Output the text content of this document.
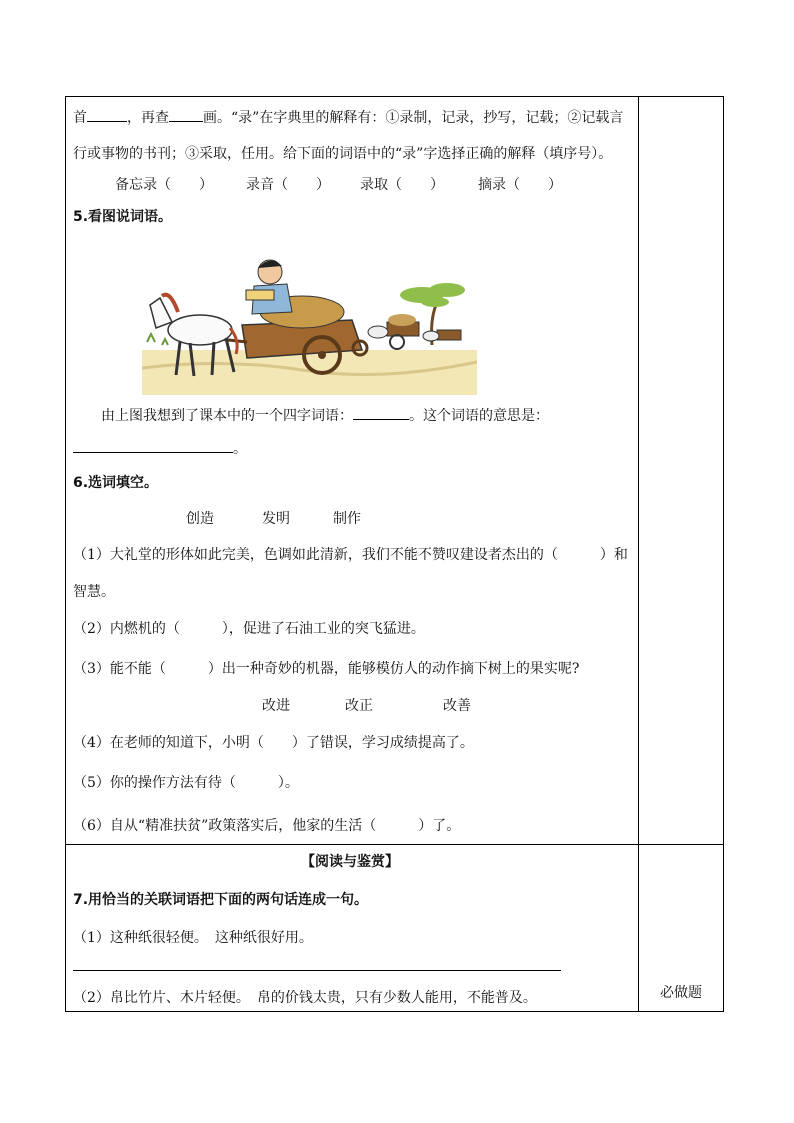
首	，再查 画。“录”在字典里的解释有：①录制，记录，抄写，记载；②记载言
行或事物的书刊；③采取，任用。给下面的词语中的“录”字选择正确的解释（填序号）。
备忘录（　　） 录音（　　） 录取（　　） 摘录（　　）
5.看图说词语。
由上图我想到了课本中的一个四字词语：	。这个词语的意思是：
。
6.选词填空。
创造	发明	制作
（1）大礼堂的形体如此完美，色调如此清新，我们不能不赞叹建设者杰出的（　　　）和
智慧。
（2）内燃机的（　　　），促进了石油工业的突飞猛进。
（3）能不能（　　　）出一种奇妙的机器，能够模仿人的动作摘下树上的果实呢?
改进	改正	改善
（4）在老师的知道下，小明（　　）了错误，学习成绩提高了。
（5）你的操作方法有待（　　　）。
（6）自从“精准扶贫”政策落实后，他家的生活（　　　）了。
【阅读与鉴赏】
7.用恰当的关联词语把下面的两句话连成一句。
（1）这种纸很轻便。　这种纸很好用。
（2）帛比竹片、木片轻便。　帛的价钱太贵，只有少数人能用，不能普及。	必做题
